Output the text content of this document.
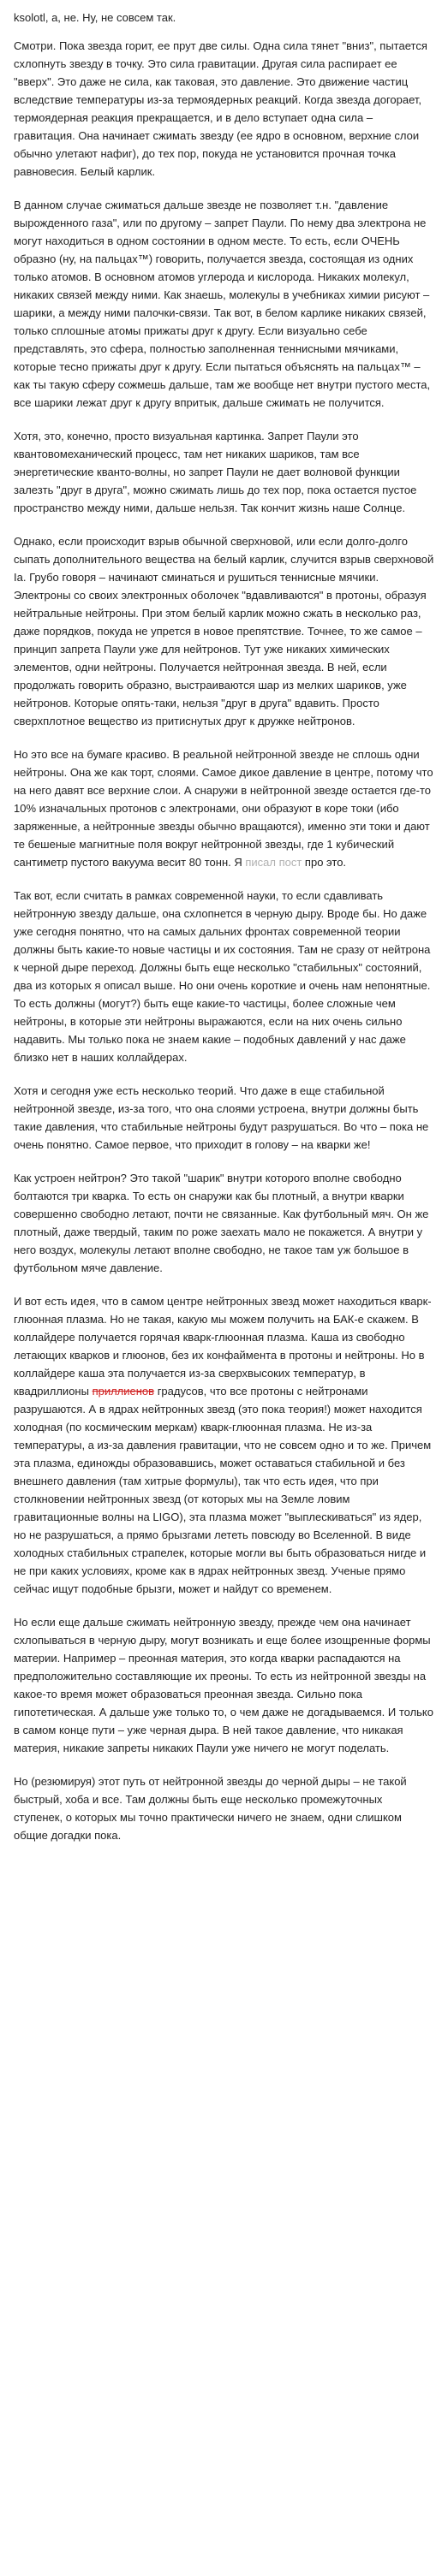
ksolotl, а, не. Ну, не совсем так.

Смотри. Пока звезда горит, ее прут две силы. Одна сила тянет "вниз", пытается схлопнуть звезду в точку. Это сила гравитации. Другая сила распирает ее "вверх". Это даже не сила, как таковая, это давление. Это движение частиц вследствие температуры из-за термоядерных реакций. Когда звезда догорает, термоядерная реакция прекращается, и в дело вступает одна сила – гравитация. Она начинает сжимать звезду (ее ядро в основном, верхние слои обычно улетают нафиг), до тех пор, покуда не установится прочная точка равновесия. Белый карлик.

В данном случае сжиматься дальше звезде не позволяет т.н. "давление вырожденного газа", или по другому – запрет Паули. По нему два электрона не могут находиться в одном состоянии в одном месте. То есть, если ОЧЕНЬ образно (ну, на пальцах™) говорить, получается звезда, состоящая из одних только атомов. В основном атомов углерода и кислорода. Никаких молекул, никаких связей между ними. Как знаешь, молекулы в учебниках химии рисуют – шарики, а между ними палочки-связи. Так вот, в белом карлике никаких связей, только сплошные атомы прижаты друг к другу. Если визуально себе представлять, это сфера, полностью заполненная теннисными мячиками, которые тесно прижаты друг к другу. Если пытаться объяснять на пальцах™ – как ты такую сферу сожмешь дальше, там же вообще нет внутри пустого места, все шарики лежат друг к другу впритык, дальше сжимать не получится.

Хотя, это, конечно, просто визуальная картинка. Запрет Паули это квантовомеханический процесс, там нет никаких шариков, там все энергетические кванто-волны, но запрет Паули не дает волновой функции залезть "друг в друга", можно сжимать лишь до тех пор, пока остается пустое пространство между ними, дальше нельзя. Так кончит жизнь наше Солнце.

Однако, если происходит взрыв обычной сверхновой, или если долго-долго сыпать дополнительного вещества на белый карлик, случится взрыв сверхновой Ia. Грубо говоря – начинают сминаться и рушиться теннисные мячики. Электроны со своих электронных оболочек "вдавливаются" в протоны, образуя нейтральные нейтроны. При этом белый карлик можно сжать в несколько раз, даже порядков, покуда не упрется в новое препятствие. Точнее, то же самое – принцип запрета Паули уже для нейтронов. Тут уже никаких химических элементов, одни нейтроны. Получается нейтронная звезда. В ней, если продолжать говорить образно, выстраиваются шар из мелких шариков, уже нейтронов. Которые опять-таки, нельзя "друг в друга" вдавить. Просто сверхплотное вещество из притиснутых друг к дружке нейтронов.

Но это все на бумаге красиво. В реальной нейтронной звезде не сплошь одни нейтроны. Она же как торт, слоями. Самое дикое давление в центре, потому что на него давят все верхние слои. А снаружи в нейтронной звезде остается где-то 10% изначальных протонов с электронами, они образуют в коре токи (ибо заряженные, а нейтронные звезды обычно вращаются), именно эти токи и дают те бешеные магнитные поля вокруг нейтронной звезды, где 1 кубический сантиметр пустого вакуума весит 80 тонн. Я писал пост про это.

Так вот, если считать в рамках современной науки, то если сдавливать нейтронную звезду дальше, она схлопнется в черную дыру. Вроде бы. Но даже уже сегодня понятно, что на самых дальних фронтах современной теории должны быть какие-то новые частицы и их состояния. Там не сразу от нейтрона к черной дыре переход. Должны быть еще несколько "стабильных" состояний, два из которых я описал выше. Но они очень короткие и очень нам непонятные. То есть должны (могут?) быть еще какие-то частицы, более сложные чем нейтроны, в которые эти нейтроны выражаются, если на них очень сильно надавить. Мы только пока не знаем какие – подобных давлений у нас даже близко нет в наших коллайдерах.

Хотя и сегодня уже есть несколько теорий. Что даже в еще стабильной нейтронной звезде, из-за того, что она слоями устроена, внутри должны быть такие давления, что стабильные нейтроны будут разрушаться. Во что – пока не очень понятно. Самое первое, что приходит в голову – на кварки же!

Как устроен нейтрон? Это такой "шарик" внутри которого вполне свободно болтаются три кварка. То есть он снаружи как бы плотный, а внутри кварки совершенно свободно летают, почти не связанные. Как футбольный мяч. Он же плотный, даже твердый, таким по роже заехать мало не покажется. А внутри у него воздух, молекулы летают вполне свободно, не такое там уж большое в футбольном мяче давление.

И вот есть идея, что в самом центре нейтронных звезд может находиться кварк-глюонная плазма. Но не такая, какую мы можем получить на БАК-е скажем. В коллайдере получается горячая кварк-глюонная плазма. Каша из свободно летающих кварков и глюонов, без их конфаймента в протоны и нейтроны. Но в коллайдере каша эта получается из-за сверхвысоких температур, в квадриллионы приллиенов градусов, что все протоны с нейтронами разрушаются. А в ядрах нейтронных звезд (это пока теория!) может находится холодная (по космическим меркам) кварк-глюонная плазма. Не из-за температуры, а из-за давления гравитации, что не совсем одно и то же. Причем эта плазма, единожды образовавшись, может оставаться стабильной и без внешнего давления (там хитрые формулы), так что есть идея, что при столкновении нейтронных звезд (от которых мы на Земле ловим гравитационные волны на LIGO), эта плазма может "выплескиваться" из ядер, но не разрушаться, а прямо брызгами лететь повсюду во Вселенной. В виде холодных стабильных страпелек, которые могли вы быть образоваться нигде и не при каких условиях, кроме как в ядрах нейтронных звезд. Ученые прямо сейчас ищут подобные брызги, может и найдут со временем.

Но если еще дальше сжимать нейтронную звезду, прежде чем она начинает схлопываться в черную дыру, могут возникать и еще более изощренные формы материи. Например – преонная материя, это когда кварки распадаются на предположительно составляющие их преоны. То есть из нейтронной звезды на какое-то время может образоваться преонная звезда. Сильно пока гипотетическая. А дальше уже только то, о чем даже не догадываемся. И только в самом конце пути – уже черная дыра. В ней такое давление, что никакая материя, никакие запреты никаких Паули уже ничего не могут поделать.

Но (резюмируя) этот путь от нейтронной звезды до черной дыры – не такой быстрый, хоба и все. Там должны быть еще несколько промежуточных ступенек, о которых мы точно практически ничего не знаем, одни слишком общие догадки пока.
